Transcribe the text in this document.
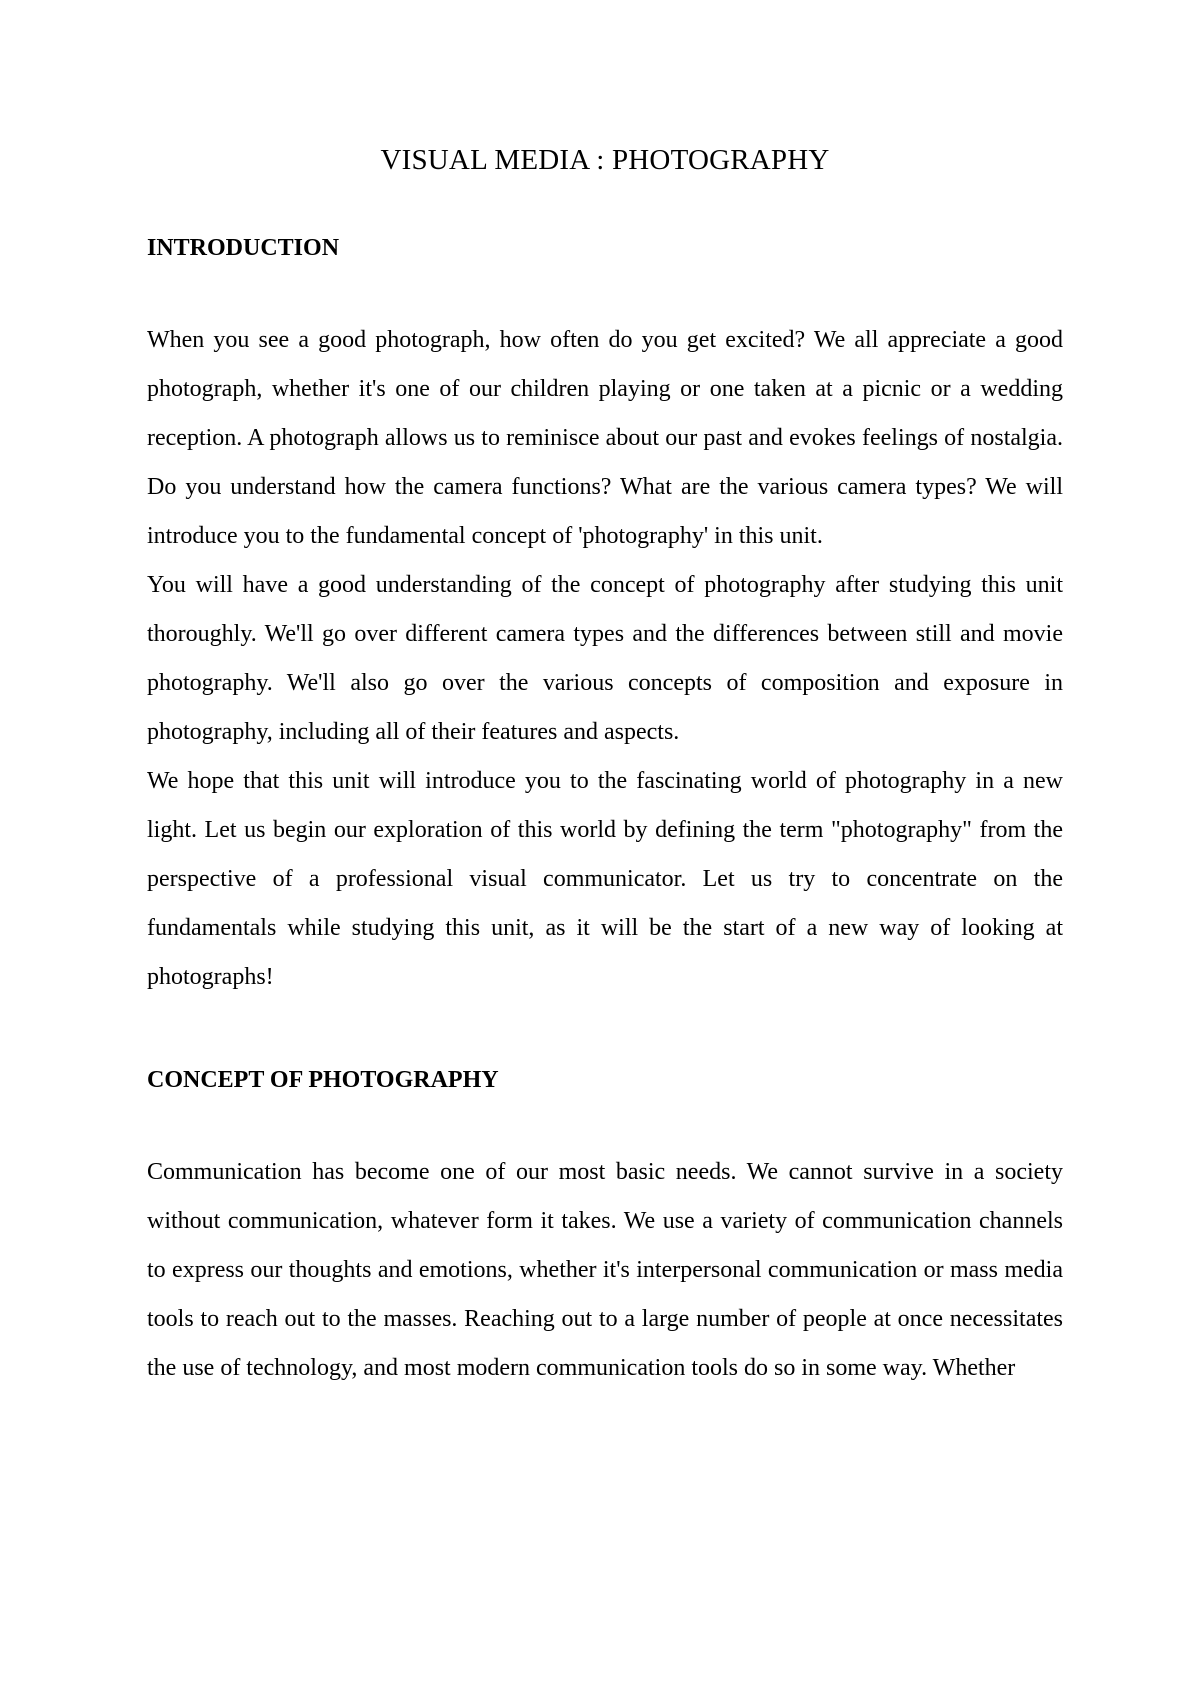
VISUAL MEDIA : PHOTOGRAPHY
INTRODUCTION

When you see a good photograph, how often do you get excited? We all appreciate a good photograph, whether it's one of our children playing or one taken at a picnic or a wedding reception. A photograph allows us to reminisce about our past and evokes feelings of nostalgia. Do you understand how the camera functions? What are the various camera types? We will introduce you to the fundamental concept of 'photography' in this unit.

You will have a good understanding of the concept of photography after studying this unit thoroughly. We'll go over different camera types and the differences between still and movie photography. We'll also go over the various concepts of composition and exposure in photography, including all of their features and aspects.

We hope that this unit will introduce you to the fascinating world of photography in a new light. Let us begin our exploration of this world by defining the term "photography" from the perspective of a professional visual communicator. Let us try to concentrate on the fundamentals while studying this unit, as it will be the start of a new way of looking at photographs!

CONCEPT OF PHOTOGRAPHY

Communication has become one of our most basic needs. We cannot survive in a society without communication, whatever form it takes. We use a variety of communication channels to express our thoughts and emotions, whether it's interpersonal communication or mass media tools to reach out to the masses. Reaching out to a large number of people at once necessitates the use of technology, and most modern communication tools do so in some way. Whether
